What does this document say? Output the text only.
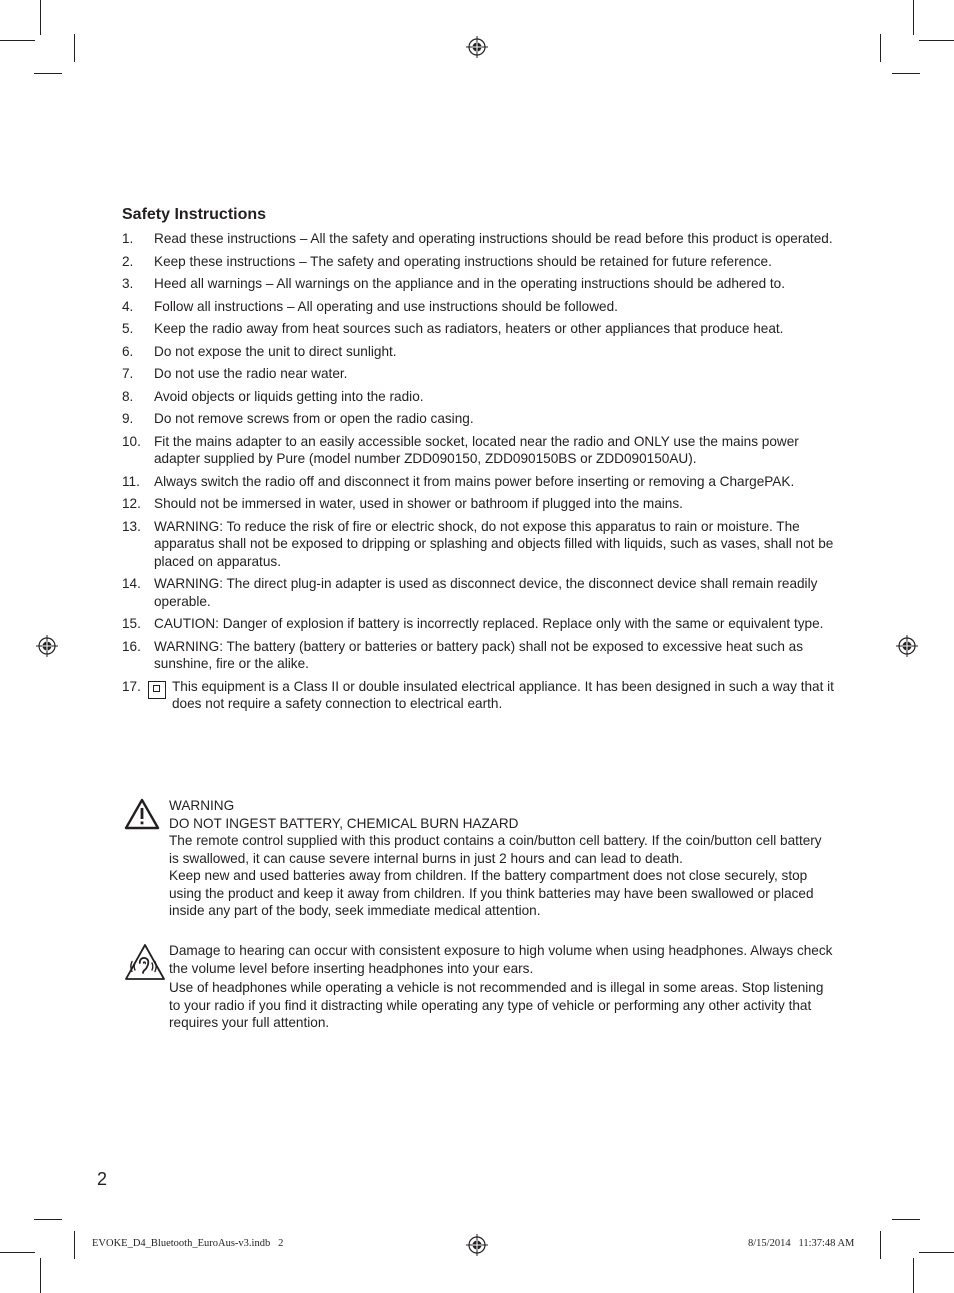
Safety Instructions
1.	Read these instructions – All the safety and operating instructions should be read before this product is operated.
2.	Keep these instructions – The safety and operating instructions should be retained for future reference.
3.	Heed all warnings – All warnings on the appliance and in the operating instructions should be adhered to.
4.	Follow all instructions – All operating and use instructions should be followed.
5.	Keep the radio away from heat sources such as radiators, heaters or other appliances that produce heat.
6.	Do not expose the unit to direct sunlight.
7.	Do not use the radio near water.
8.	Avoid objects or liquids getting into the radio.
9.	Do not remove screws from or open the radio casing.
10. Fit the mains adapter to an easily accessible socket, located near the radio and ONLY use the mains power adapter supplied by Pure (model number ZDD090150, ZDD090150BS or ZDD090150AU).
11.	Always switch the radio off and disconnect it from mains power before inserting or removing a ChargePAK.
12. Should not be immersed in water, used in shower or bathroom if plugged into the mains.
13. WARNING: To reduce the risk of fire or electric shock, do not expose this apparatus to rain or moisture. The apparatus shall not be exposed to dripping or splashing and objects filled with liquids, such as vases, shall not be placed on apparatus.
14. WARNING: The direct plug-in adapter is used as disconnect device, the disconnect device shall remain readily operable.
15. CAUTION: Danger of explosion if battery is incorrectly replaced. Replace only with the same or equivalent type.
16. WARNING: The battery (battery or batteries or battery pack) shall not be exposed to excessive heat such as sunshine, fire or the alike.
17.	This equipment is a Class II or double insulated electrical appliance. It has been designed in such a way that it does not require a safety connection to electrical earth.

WARNING

DO NOT INGEST BATTERY, CHEMICAL BURN HAZARD

The remote control supplied with this product contains a coin/button cell battery. If the coin/button cell battery is swallowed, it can cause severe internal burns in just 2 hours and can lead to death.

Keep new and used batteries away from children. If the battery compartment does not close securely, stop using the product and keep it away from children. If you think batteries may have been swallowed or placed inside any part of the body, seek immediate medical attention.

Damage to hearing can occur with consistent exposure to high volume when using headphones. Always check the volume level before inserting headphones into your ears.

Use of headphones while operating a vehicle is not recommended and is illegal in some areas. Stop listening to your radio if you find it distracting while operating any type of vehicle or performing any other activity that requires your full attention.

2
EVOKE_D4_Bluetooth_EuroAus-v3.indb   2	8/15/2014   11:37:48 AM
